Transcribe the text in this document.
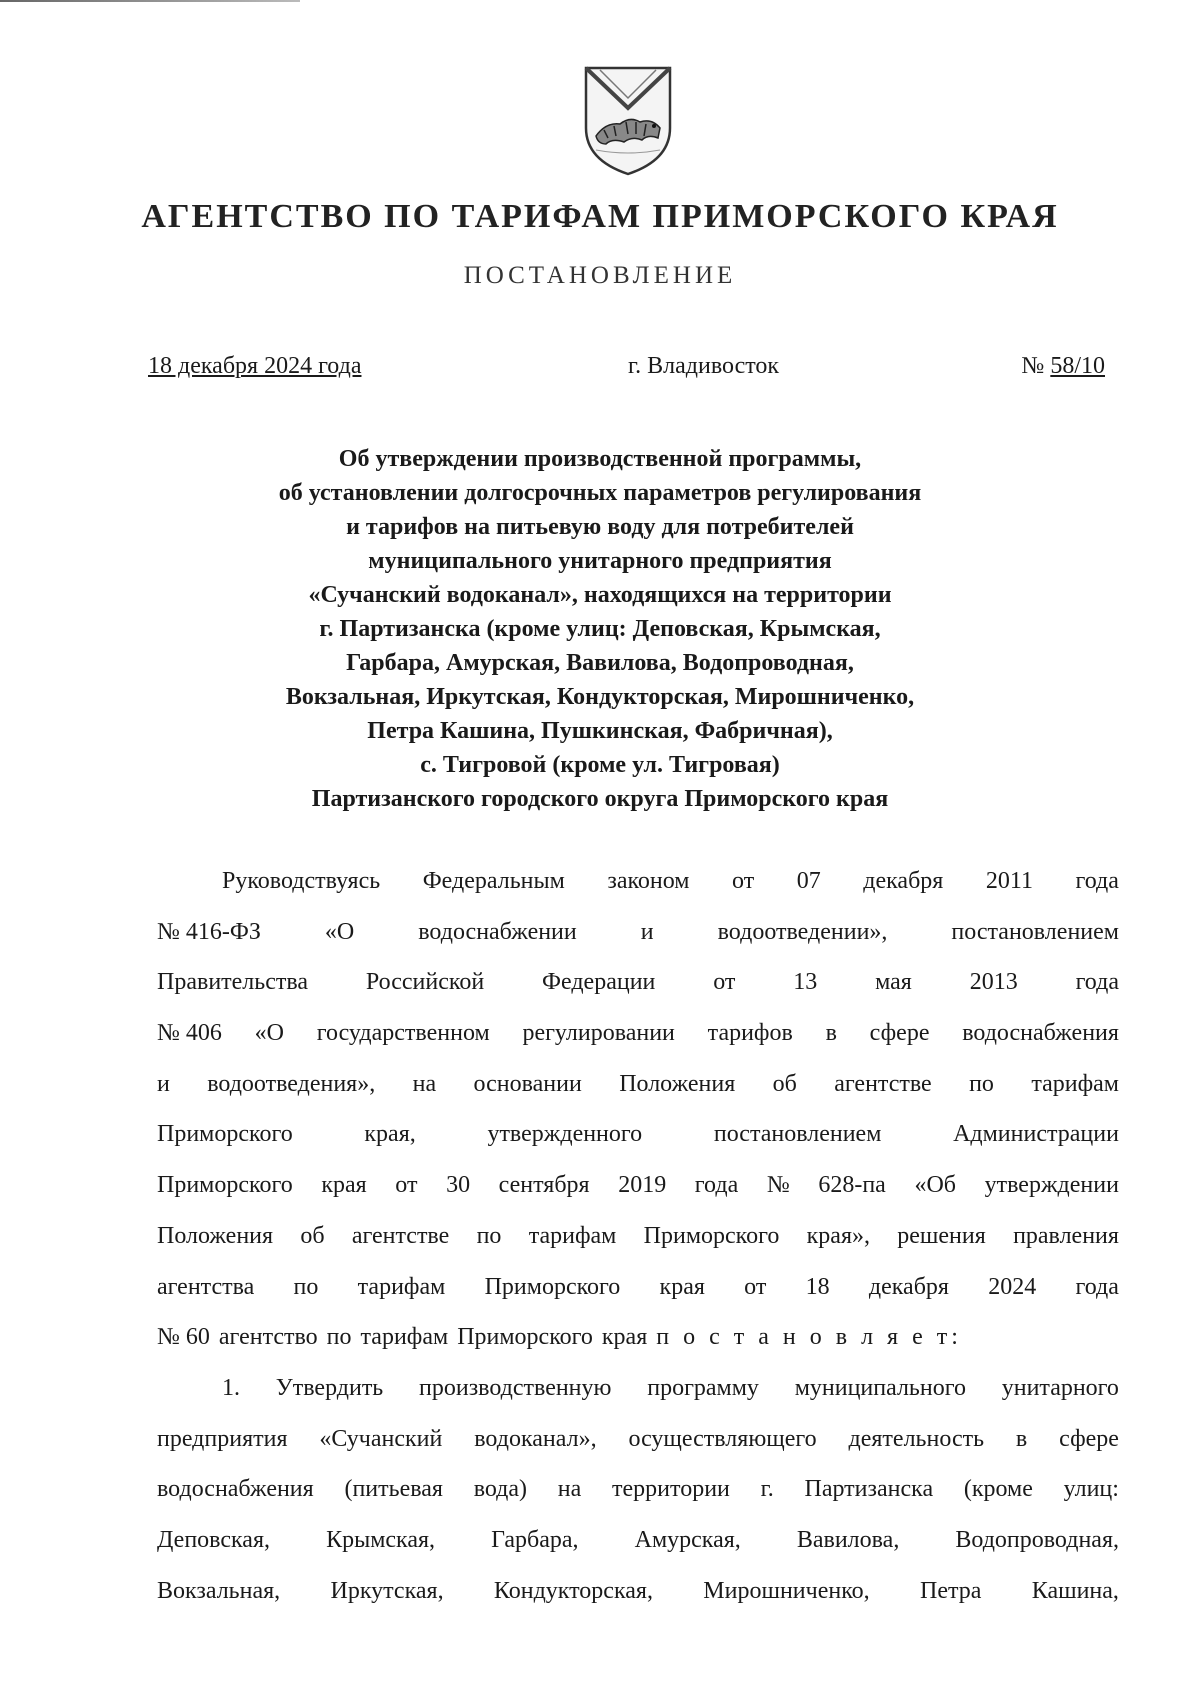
АГЕНТСТВО ПО ТАРИФАМ ПРИМОРСКОГО КРАЯ
ПОСТАНОВЛЕНИЕ
18 декабря 2024 года	г. Владивосток	№ 58/10
Об утверждении производственной программы,
об установлении долгосрочных параметров регулирования
и тарифов на питьевую воду для потребителей
муниципального унитарного предприятия
«Сучанский водоканал», находящихся на территории
г. Партизанска (кроме улиц: Деповская, Крымская,
Гарбара, Амурская, Вавилова, Водопроводная,
Вокзальная, Иркутская, Кондукторская, Мирошниченко,
Петра Кашина, Пушкинская, Фабричная),
с. Тигровой (кроме ул. Тигровая)
Партизанского городского округа Приморского края
Руководствуясь Федеральным законом от 07 декабря 2011 года
№ 416-ФЗ	«О	водоснабжении	и	водоотведении»,	постановлением
Правительства Российской Федерации от 13 мая 2013 года
№ 406 «О государственном регулировании тарифов в сфере водоснабжения
и водоотведения», на основании Положения об агентстве по тарифам
Приморского	края,	утвержденного	постановлением	Администрации
Приморского края от 30 сентября 2019 года № 628-па «Об утверждении
Положения об агентстве по тарифам Приморского края», решения правления
агентства по тарифам Приморского края от 18 декабря 2024 года
№ 60 агентство по тарифам Приморского края п о с т а н о в л я е т:
1. Утвердить производственную программу муниципального унитарного
предприятия «Сучанский водоканал», осуществляющего деятельность в сфере
водоснабжения (питьевая вода) на территории г. Партизанска (кроме улиц:
Деповская, Крымская, Гарбара, Амурская, Вавилова, Водопроводная,
Вокзальная, Иркутская, Кондукторская, Мирошниченко, Петра Кашина,
